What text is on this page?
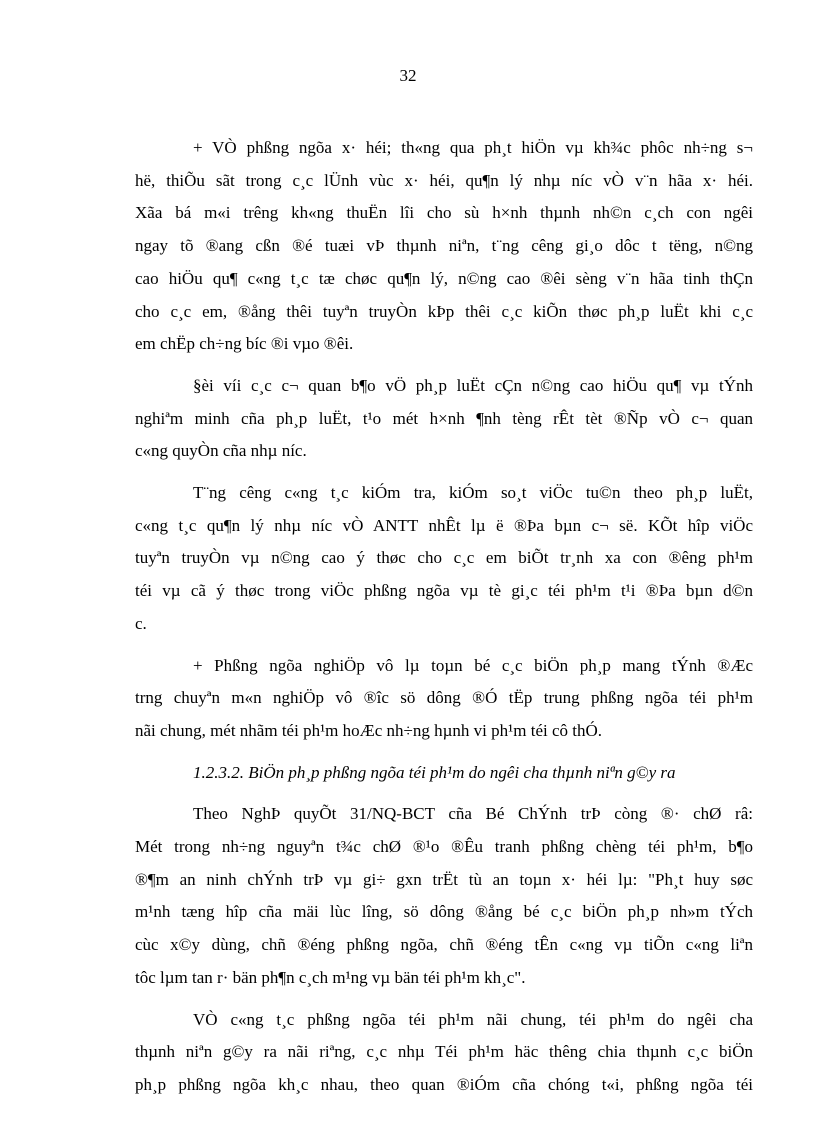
32
+ VÒ phßng ngõa x· héi; th«ng qua ph¸t hiÖn vµ kh¾c phôc nh÷ng s¬
hë, thiÕu sãt trong c¸c lÜnh vùc x· héi, qu¶n lý nhµ níc vÒ v¨n hãa x· héi.
Xãa bá m«i trêng kh«ng thuËn lîi cho sù h×nh thµnh nh©n c¸ch con ngêi
ngay tõ ®ang cßn ®é tuæi vÞ thµnh niªn, t¨ng cêng gi¸o dôc t tëng, n©ng
cao hiÖu qu¶ c«ng t¸c tæ chøc qu¶n lý, n©ng cao ®êi sèng v¨n hãa tinh thÇn
cho c¸c em, ®ång thêi tuyªn truyÒn kÞp thêi c¸c kiÕn thøc ph¸p luËt khi c¸c
em chËp ch÷ng bíc ®i vµo ®êi.
§èi víi c¸c c¬ quan b¶o vÖ ph¸p luËt cÇn n©ng cao hiÖu qu¶ vµ tÝnh
nghiªm minh cña ph¸p luËt, t¹o mét h×nh ¶nh tèng rÊt tèt ®Ñp vÒ c¬ quan
c«ng quyÒn cña nhµ níc.
T¨ng cêng c«ng t¸c kiÓm tra, kiÓm so¸t viÖc tu©n theo ph¸p luËt,
c«ng t¸c qu¶n lý nhµ níc vÒ ANTT nhÊt lµ ë ®Þa bµn c¬ së. KÕt hîp viÖc
tuyªn truyÒn vµ n©ng cao ý thøc cho c¸c em biÕt tr¸nh xa con ®êng ph¹m
téi vµ cã ý thøc trong viÖc phßng ngõa vµ tè gi¸c téi ph¹m t¹i ®Þa bµn d©n
c.
+ Phßng ngõa nghiÖp vô lµ toµn bé c¸c biÖn ph¸p mang tÝnh ®Æc
trng chuyªn m«n nghiÖp vô ®îc sö dông ®Ó tËp trung phßng ngõa téi ph¹m
nãi chung, mét nhãm téi ph¹m hoÆc nh÷ng hµnh vi ph¹m téi cô thÓ.
1.2.3.2. BiÖn ph¸p phßng ngõa téi ph¹m do ngêi cha thµnh niªn g©y ra
Theo NghÞ quyÕt 31/NQ-BCT cña Bé ChÝnh trÞ còng ®· chØ râ:
Mét trong nh÷ng nguyªn t¾c chØ ®¹o ®Êu tranh phßng chèng téi ph¹m, b¶o
®¶m an ninh chÝnh trÞ vµ gi÷ gxn trËt tù an toµn x· héi lµ: "Ph¸t huy søc
m¹nh tæng hîp cña mäi lùc lîng, sö dông ®ång bé c¸c biÖn ph¸p nh»m tÝch
cùc x©y dùng, chñ ®éng phßng ngõa, chñ ®éng tÊn c«ng vµ tiÕn c«ng liªn
tôc lµm tan r· bän ph¶n c¸ch m¹ng vµ bän téi ph¹m kh¸c".
VÒ c«ng t¸c phßng ngõa téi ph¹m nãi chung, téi ph¹m do ngêi cha
thµnh niªn g©y ra nãi riªng, c¸c nhµ Téi ph¹m häc thêng chia thµnh c¸c biÖn
ph¸p phßng ngõa kh¸c nhau, theo quan ®iÓm cña chóng t«i, phßng ngõa téi
